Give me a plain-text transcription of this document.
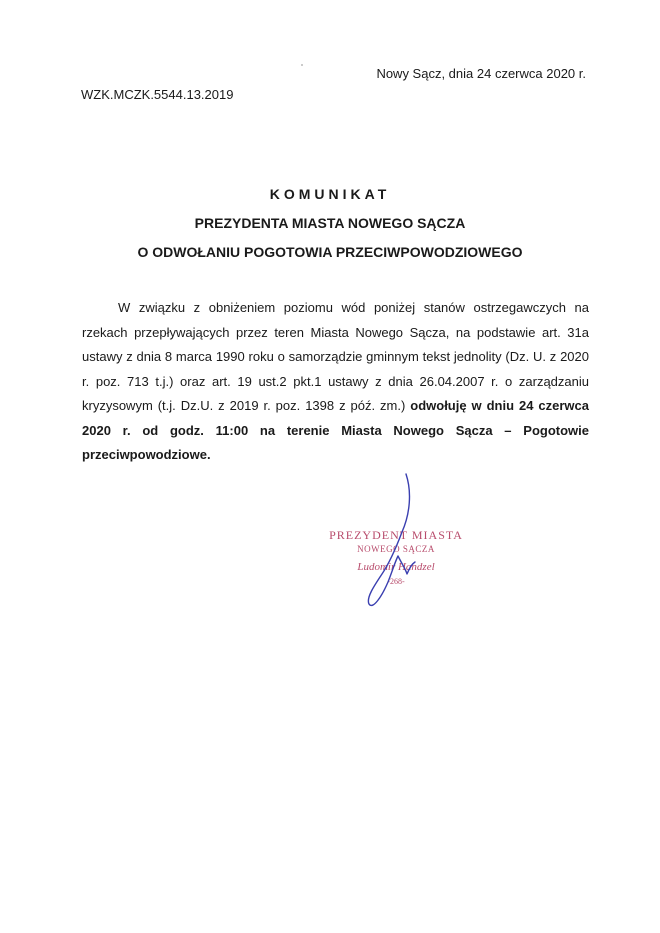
Nowy Sącz, dnia 24 czerwca 2020 r.
WZK.MCZK.5544.13.2019
KOMUNIKAT
PREZYDENTA MIASTA NOWEGO SĄCZA
O ODWOŁANIU POGOTOWIA PRZECIWPOWODZIOWEGO

W związku z obniżeniem poziomu wód poniżej stanów ostrzegawczych na rzekach przepływających przez teren Miasta Nowego Sącza, na podstawie art. 31a ustawy z dnia 8 marca 1990 roku o samorządzie gminnym tekst jednolity (Dz. U. z 2020 r. poz. 713 t.j.) oraz art. 19 ust.2 pkt.1 ustawy z dnia 26.04.2007 r. o zarządzaniu kryzysowym (t.j. Dz.U. z 2019 r. poz. 1398 z póź. zm.) odwołuję w dniu 24 czerwca 2020 r. od godz. 11:00 na terenie Miasta Nowego Sącza – Pogotowie przeciwpowodziowe.

PREZYDENT MIASTA
NOWEGO SĄCZA
Ludomir Handzel
-268-
